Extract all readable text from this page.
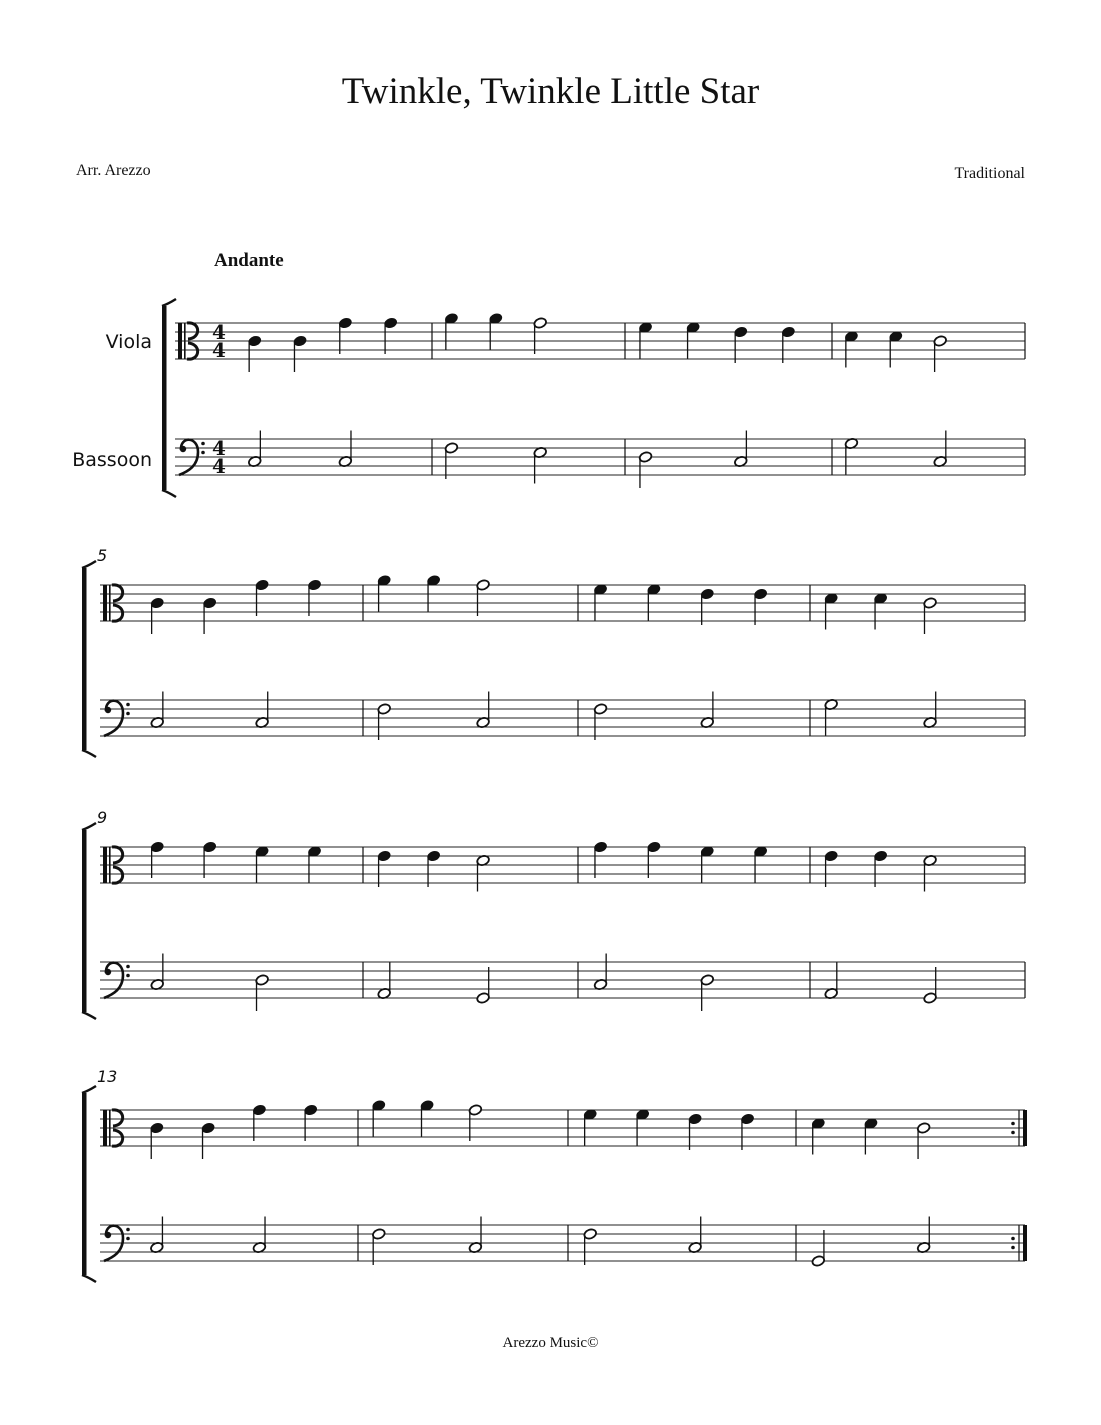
Twinkle, Twinkle Little Star
Arr. Arezzo	Traditional
Andante
Viola
Bassoon
Arezzo Music©
4
4
4
4
5
9
13
